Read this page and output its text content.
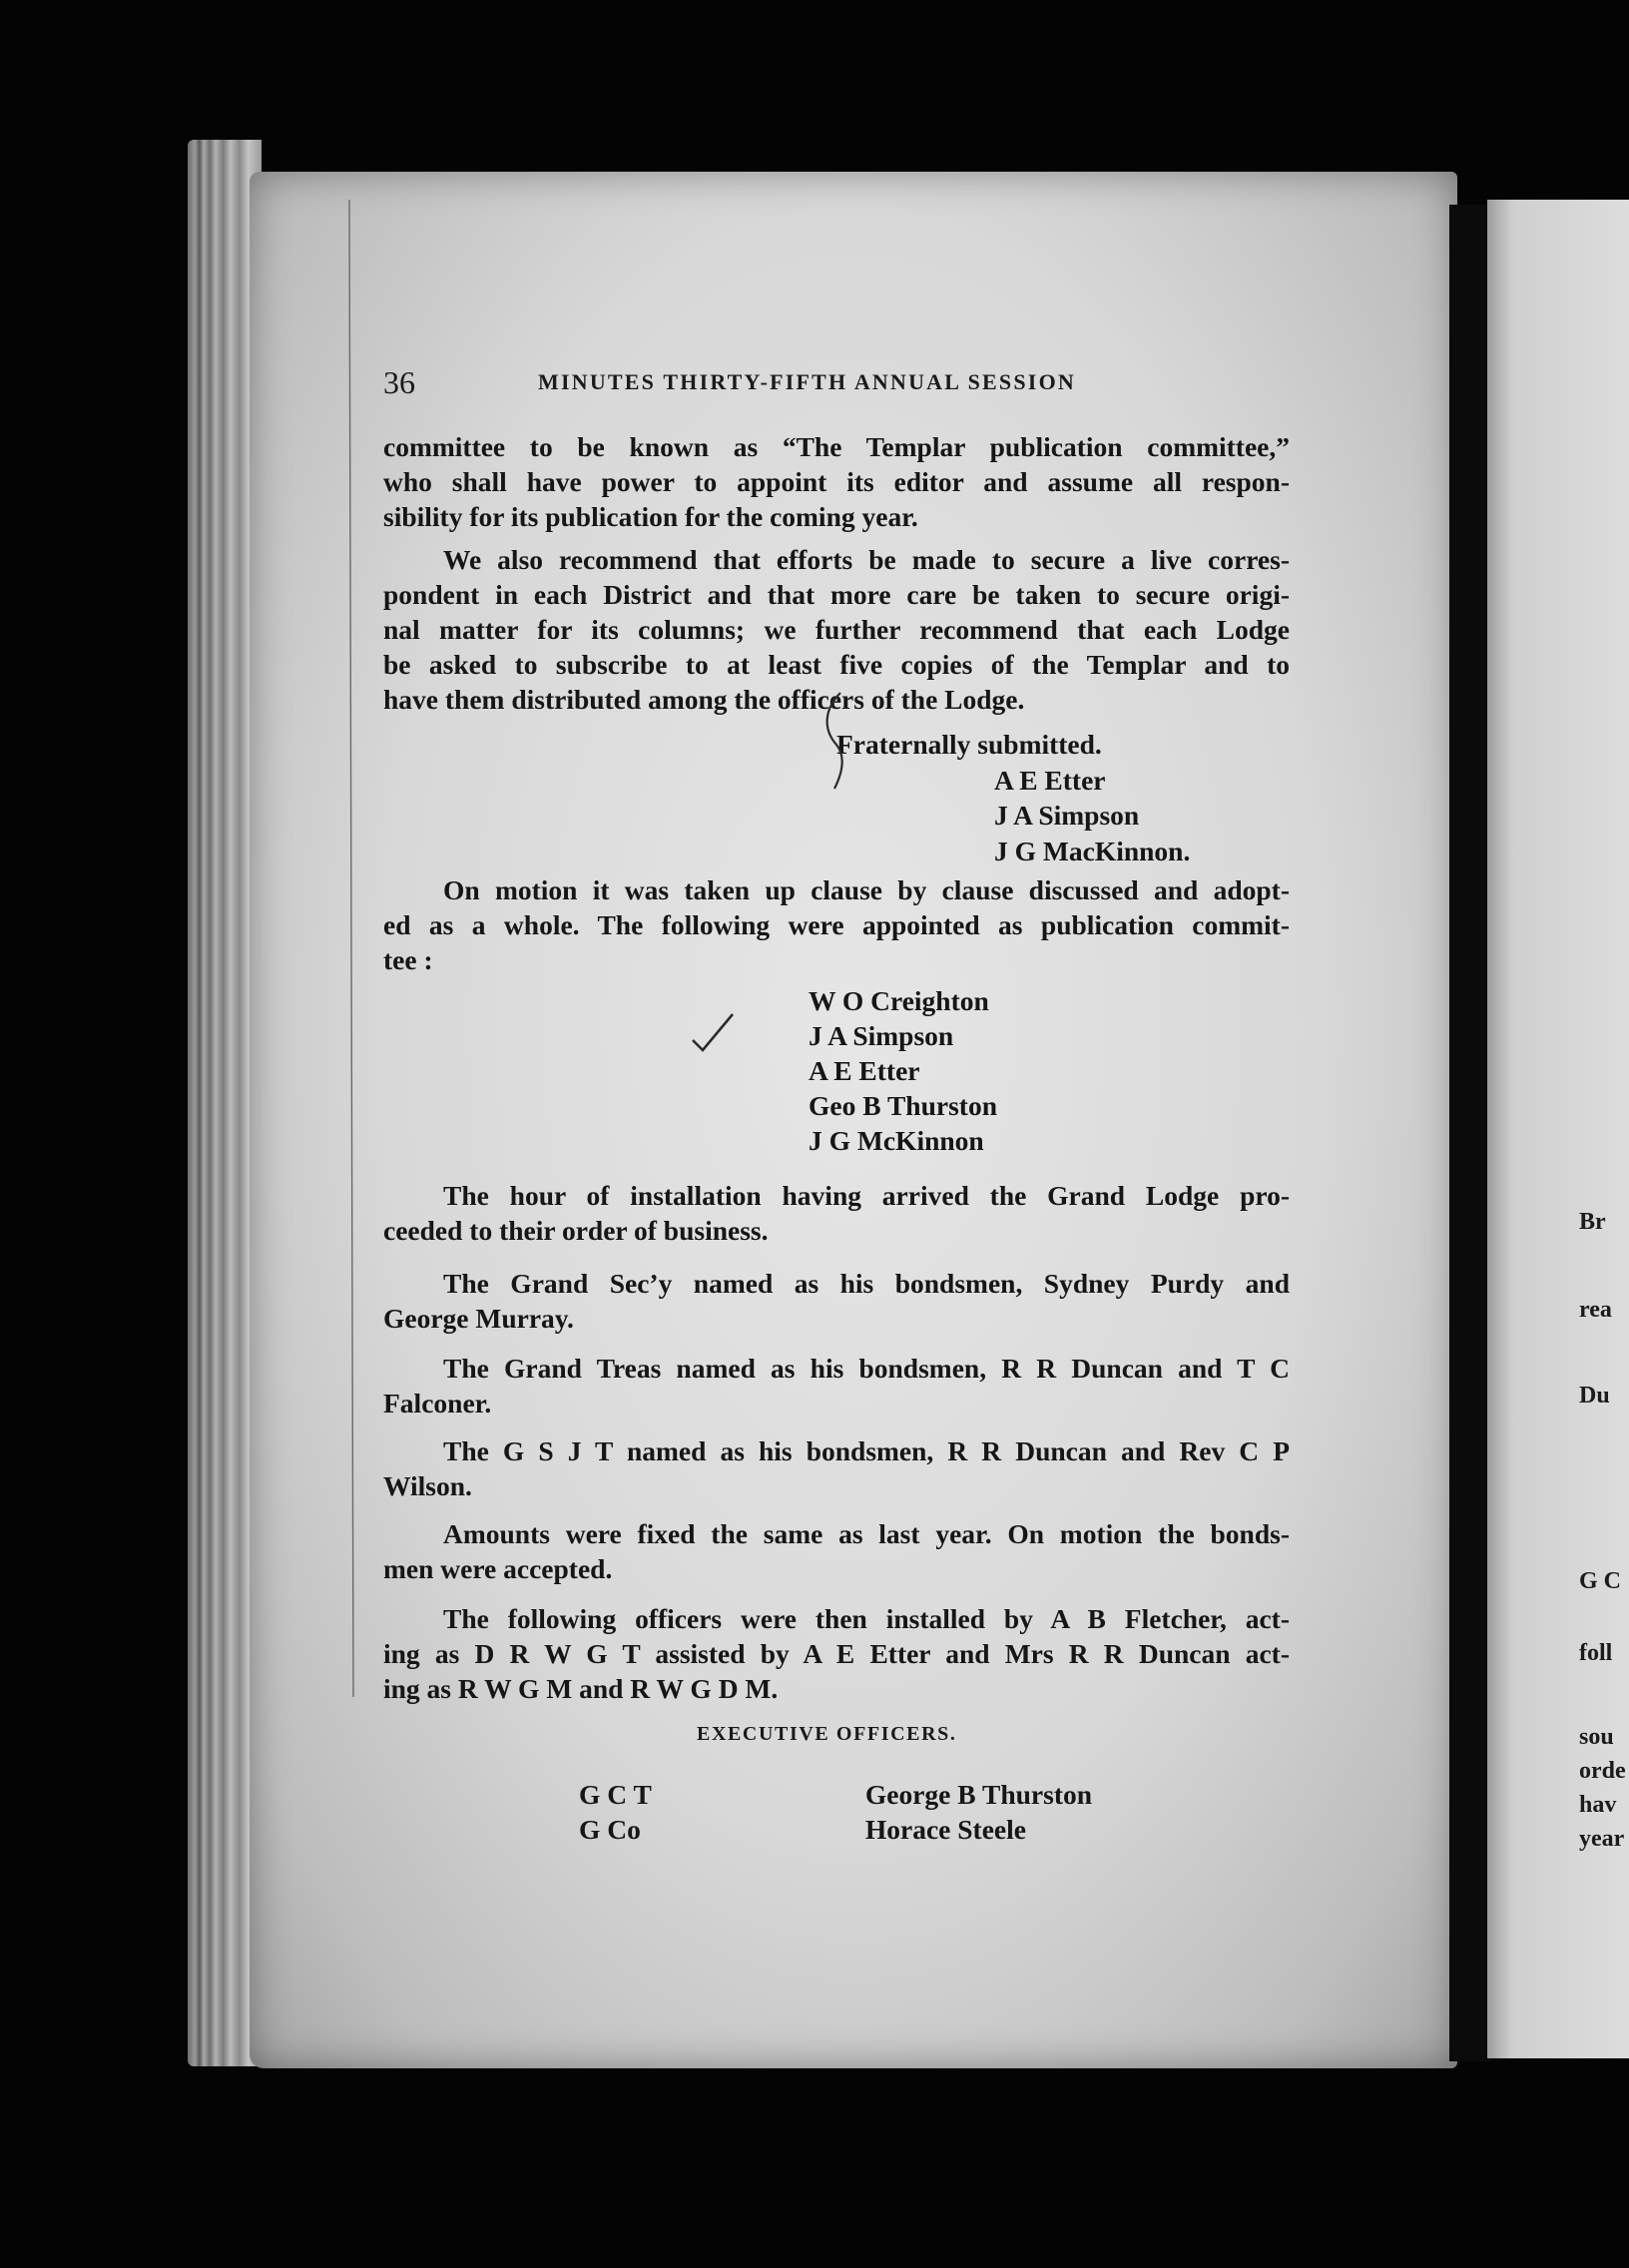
Br

rea

Du

G C

foll

sou

orde

hav

year

36	MINUTES THIRTY-FIFTH ANNUAL SESSION
committee to be known as “The Templar publication committee,”
who shall have power to appoint its editor and assume all respon-
sibility for its publication for the coming year.
We also recommend that efforts be made to secure a live corres-
pondent in each District and that more care be taken to secure origi-
nal matter for its columns; we further recommend that each Lodge
be asked to subscribe to at least five copies of the Templar and to
have them distributed among the officers of the Lodge.
Fraternally submitted.
A E Etter
J A Simpson
J G MacKinnon.
On motion it was taken up clause by clause discussed and adopt-
ed as a whole. The following were appointed as publication commit-
tee :
W O Creighton
J A Simpson
A E Etter
Geo B Thurston
J G McKinnon
The hour of installation having arrived the Grand Lodge pro-
ceeded to their order of business.
The Grand Sec’y named as his bondsmen, Sydney Purdy and
George Murray.
The Grand Treas named as his bondsmen, R R Duncan and T C
Falconer.
The G S J T named as his bondsmen, R R Duncan and Rev C P
Wilson.
Amounts were fixed the same as last year. On motion the bonds-
men were accepted.
The following officers were then installed by A B Fletcher, act-
ing as D R W G T assisted by A E Etter and Mrs R R Duncan act-
ing as R W G M and R W G D M.
EXECUTIVE OFFICERS.
G C T	George B Thurston
G Co	Horace Steele
